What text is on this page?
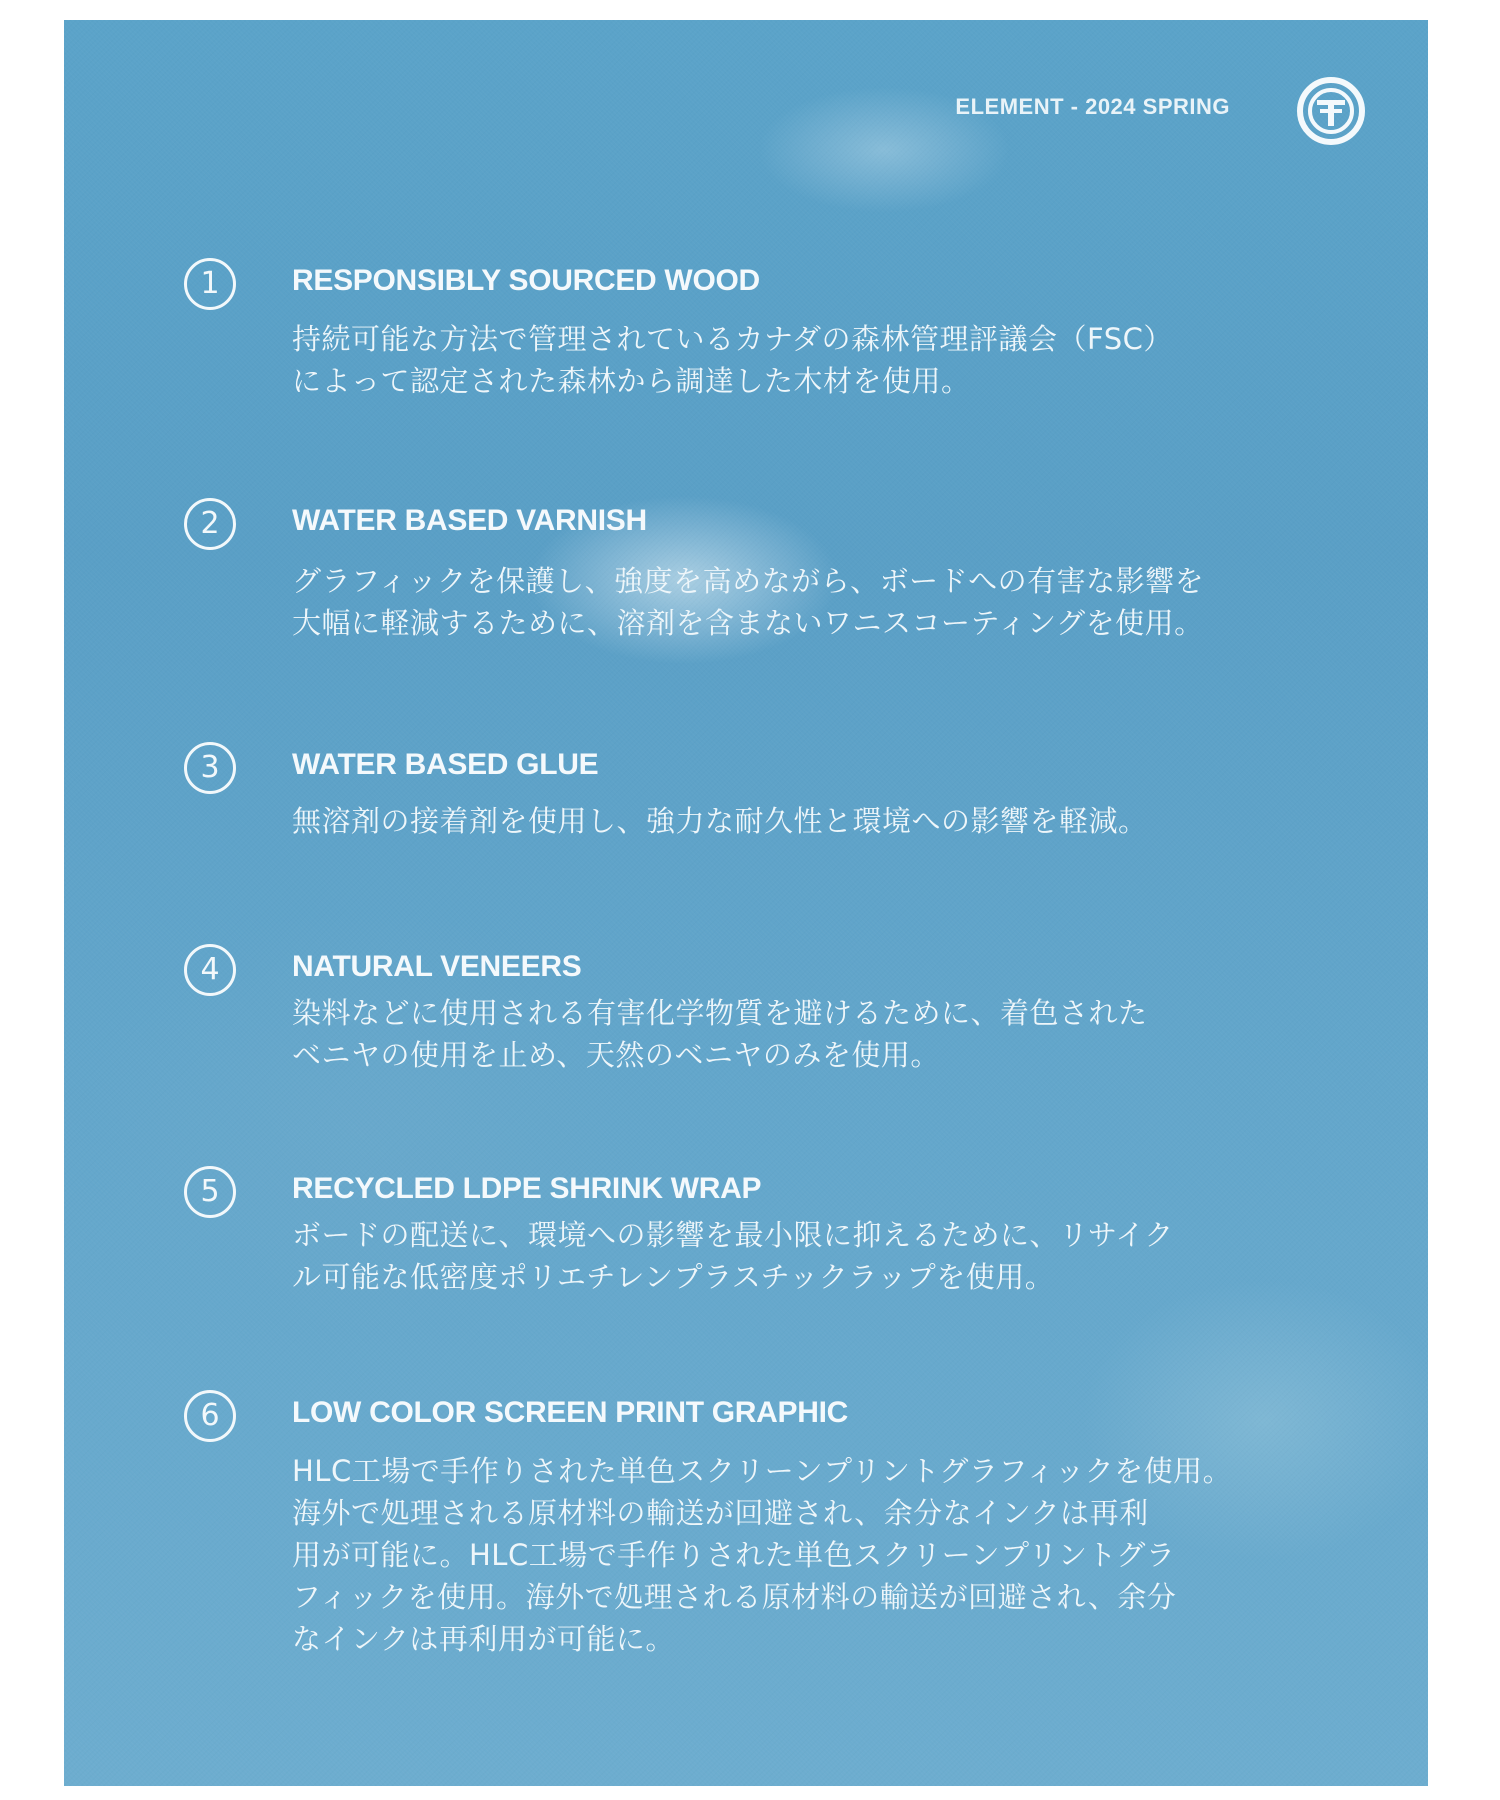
ELEMENT - 2024 SPRING
1	RESPONSIBLY SOURCED WOOD
持続可能な方法で管理されているカナダの森林管理評議会（FSC）
によって認定された森林から調達した木材を使用。
2	WATER BASED VARNISH
グラフィックを保護し、強度を高めながら、ボードへの有害な影響を
大幅に軽減するために、溶剤を含まないワニスコーティングを使用。
3	WATER BASED GLUE
無溶剤の接着剤を使用し、強力な耐久性と環境への影響を軽減。
4	NATURAL VENEERS
染料などに使用される有害化学物質を避けるために、着色された
ベニヤの使用を止め、天然のベニヤのみを使用。
5	RECYCLED LDPE SHRINK WRAP
ボードの配送に、環境への影響を最小限に抑えるために、リサイク
ル可能な低密度ポリエチレンプラスチックラップを使用。
6	LOW COLOR SCREEN PRINT GRAPHIC
HLC工場で手作りされた単色スクリーンプリントグラフィックを使用。
海外で処理される原材料の輸送が回避され、余分なインクは再利
用が可能に。HLC工場で手作りされた単色スクリーンプリントグラ
フィックを使用。海外で処理される原材料の輸送が回避され、余分
なインクは再利用が可能に。
